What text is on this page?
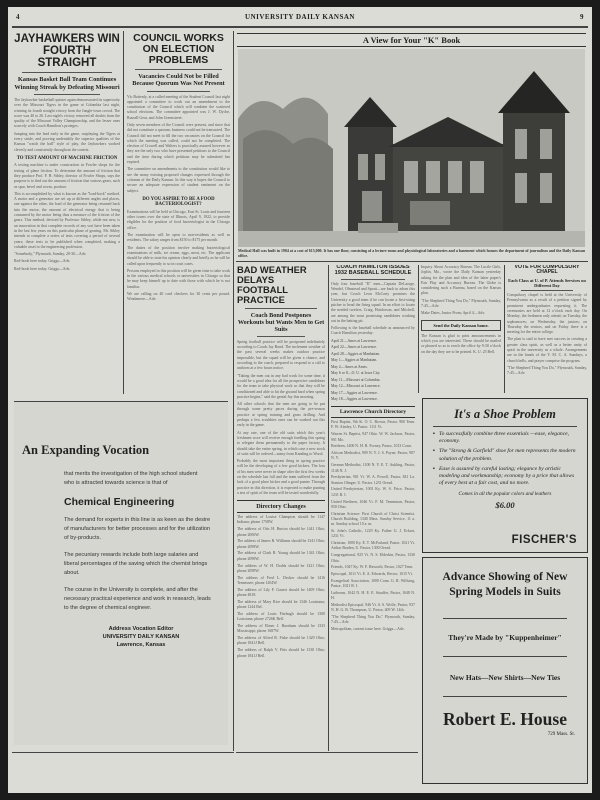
4	UNIVERSITY DAILY KANSAN	9
JAYHAWKERS WIN FOURTH STRAIGHT
Kansas Basket Ball Team Continues Winning Streak by Defeating Missouri
The Jayhawker basketball quintet again demonstrated its superiority over the Missouri Tigers in the game at Columbia last night, winning its fourth straight victory from the Jungle-town crowd. The score was 40 to 26. Last night's victory removed all doubts from the quality of the Missouri Valley Championship, and the lesser ones scarcely with Coach Hamilton's proteges.
Jumping into the lead early in the game, outplaying the Tigers at every stride, and proving undeniably the superior qualities of the Kansas "watch the ball" style of play, the Jayhawkers worked cleverly and consistently throughout the contest.
TO TEST AMOUNT OF MACHINE FRICTION
A testing machine is under construction in Fowler shops for the testing of plane friction. To determine the amount of friction that they produce Prof. F. H. Sibley, director of Fowler Shops, says the purpose is to find out the amount of friction that various gears, such as spur, bevel and worm, produce.
This is accomplished by what is known as the "load-back" method. A motor and a generator are set up at different angles and places, one against the other, the load of the generator being returned back into the motor, the amount of electrical energy that is being consumed by the motor being thus a measure of the friction of the gears. This method, devised by Professor Sibley, while not new, is an innovation in that complete records of any sort have been taken in the last few years on this particular phase of gearing. Mr. Sibley intends to complete a series of tests covering a period of several years; these tests to be published when completed, making a valuable asset to the engineering profession.
"Somebody," Plymouth, Sunday, 20-30—Adv.
Red-book here today. Griggs—Adv.
Red-book here today. Griggs—Adv.
COUNCIL WORKS ON ELECTION PROBLEMS
Vacancies Could Not be Filled Because Quorum Was Not Present
Vic Bottenly, at a called meeting of the Student Council last night appointed a committee to work out an amendment to the constitution of the Council which will combine the scattered school elections. The committee appointed was J. W. Dyche, Russell Gear, and John Greenstreet.
Only seven members of the Council were present, and since that did not constitute a quorum, business could not be transacted. The Council did not meet to fill the two vacancies on the Council for which the meeting was called, could not be completed. The election of Crowell and Walters is practically assured however as they are the only two who have presented petitions to the Council and the time during which petitions may be submitted has expired.
The committee on amendments to the constitution would like to see the many existing proposed changes expressed through the columns of the Daily Kansan. In this way it hopes the Council to secure an adequate expression of student sentiment on the subject.
DO YOU ASPIRE TO BE A FOOD BACTERIOLOGIST?
Examinations will be held at Chicago, East St. Louis and fourteen other towns over the state of Illinois, April 9, 1922, to provide eligibles for the position of food bacteriologist in the Chicago office.
The examination will be open to non-residents as well as residents. The salary ranges from $150 to $175 per month.
The duties of the position involve making bacteriological examinations of milk, ice cream, eggs, meat, etc. The applicant should be able to state his opinion clearly and briefly as he will be called upon frequently to so in court cases.
Persons employed in this position will be given time to take work in the various medical schools or universities in Chicago so that he may keep himself up to date with those with which he is not familiar.
We are calling on 40 card checkers for 30 cents per pound. Windamere—Adv.
A View for Your "K" Book
Medical Hall was built in 1904 at a cost of $15,000. It has one floor, consisting of a lecture room and physiological laboratories and a basement which houses the department of journalism and the Daily Kansan office.
BAD WEATHER DELAYS FOOTBALL PRACTICE
Coach Bond Postpones Workouts but Wants Men to Get Suits
Spring football practice will be postponed indefinitely according to Coach Jay Bond. The inclement weather of the past several weeks makes outdoor practice impossible, but the squad will be given a chance, and according to the coach, prepared to respond to a call to uniform at a few hours notice.
"Taking the men out in any bad work for some time, it would be a good idea for all the prospective candidates for the team to take physical work so that they will be conditioned and able to hit the ground hard when spring practice begins," said the genial Jay this morning.
All other schools that the men are going to be put through some pretty paces during the pre-season practice at spring training and grass drilling. And perhaps a few scrubbies ones can be washed out this early in the game.
At any rate, one of the old suits which this year's freshmen wore will receive enough fondling this spring to relegate them permanently to the paper factory. It should take the entire spring, in which case a new stock of suits will be ordered—many from Kanding to Wood.
Probably the most important thing in spring practice will be the developing of a few good kickers. The loss of his men were never in shape after the first few weeks on the schedule last fall and the team suffered from the lack of a good place kicker and a good punter. Through practice in this direction, it is expected to make punting a test of spirit of the team will be tested wonderfully.
Directory Changes
The address of Louise Champion should be 1147 Indiana; phone 1758W.
The address of Otis H. Burton should be 1441 Ohio; phone 2006W.
The address of James R. Williams should be 1341 Ohio; phone 2098W.
The address of Clark R. Young should be 1341 Ohio; phone 2098W.
The address of W. H. Dodds should be 1321 Ohio; phone 2098W.
The address of Fred L. Decker should be 1416 Tennessee; phone 1204W.
The address of Lily F. Gauert should be 1409 Ohio; phone 4818.
The address of Mary Rice should be 1346 Louisiana; phone 1244 Bel.
The address of Louis Fitzhugh should be 1300 Louisiana; phone 2726K Bell.
The address of Elmer J. Burnham should be 1333 Mississippi; phone 1687W.
The address of Alfred R. Fiske should be 1329 Ohio; phone 1841J Bell.
The address of Ralph V. Fitts should be 1330 Ohio; phone 1841J Bell.
COACH HAMILTON ISSUES 1932 BASEBALL SCHEDULE
Only four baseball "K" men—Captain DeLaorge, Wendel, Olmstead and Spratt—are back to adorn this year, but Coach Leon McCarty promises the University a good team if he can locate a first-string pitcher to head the firing squad. In an effort to locate the needed twirlers, Craig, Hutcheson, and Mitchell, are among the most promising candidates working out in the batting pit.
Following is the baseball schedule as announced by Coach Hamilton yesterday:
April 21—Ames at Lawrence.
April 22—Ames at Lawrence.
April 28—Aggies at Manhattan.
May 1—Aggies at Manhattan.
May 2—Ames at Ames.
May 6 or 8—O. U. at Iowa City.
May 11—Missouri at Columbia.
May 12—Missouri at Lawrence.
May 17—Aggies at Lawrence.
May 18—Aggies at Lawrence.
Lawrence Church Directory
First Baptist, 9th St. O. C. Brown, Pastor. 900 Tenn. F. W. Aimley, U. Pastor. 1111 Vt.
Warren St. Baptist, 947 Ohio. W. W. Jackson, Pastor, 901 Mo.
Brethren, 1400 N. H. R. Forney, Pastor, 1013 Conn.
African Methodist, 909 N. Y. J. S. Payne, Pastor, 907 N. Y.
German Methodist, 1100 N. Y. E. T. Aukling, Pastor, 1146 N. J.
Presbyterian, 901 Vt. W. A. Powell, Pastor, 841 La. Stanton Olinger, U. Pastor. 1231 Oread.
United Presbyterian, 1001 Ky. W. S. Price, Pastor, 1231 R. I.
United Brethren, 1046 Vt. F. M. Tenneman, Pastor, 950 Ohio.
Christian Science: First Church of Christ Scientist. Church Building, 1340 Mass. Sunday Service, 11 a. m. Sunday school 10 a. m.
St. John's Catholic, 1229 Ky. Father G. J. Eckart, 1231 Vt.
Christian, 1000 Ky. E. T. McFarland, Pastor, 1021 Vt. Arthur Braden, U. Pastor, 1300 Oread.
Congregational, 925 Vt. N. S. Elderkin, Pastor, 1330 Ohio.
Friends, 1047 Ky. W. F. Haworth, Pastor, 1027 Tenn.
Episcopal, 1011 Vt. E. A. Edwards, Rector, 1015 Vt.
Evangelical Association, 1000 Conn. G. R. Willsing, Pastor, 1021 R. I.
Lutheran, 1042 N. H. E. E. Stauffer, Pastor, 1048 N. H.
Methodist Episcopal, 946 Vt. S. S. Wolfe, Pastor, 937 N. H. G. B. Thompson, U. Pastor, 409 W. 14th.
"The Shepherd Thing You Do," Plymouth, Sunday, 7:45—Adv.
Metropolitan, current issue here. Griggs—Adv.
Inquiry About Accuracy Bureau. The Lucile Girls, Joplin, Mo., wrote the Daily Kansan yesterday asking for the plan and idea of the latter paper's Fair Play and Accuracy Bureau. The Globe is considering such a Bureau, based on the Kansas plan.
"The Shepherd Thing You Do," Plymouth, Sunday, 7:45—Adv.
Make Dates, Junior Prom; April 4—Adv.
Send the Daily Kansan home.
The Kansan is glad to print announcements in which you are interested. These should be mailed or phoned so as to reach the office by 9:30 o'clock on the day they are to be printed. K. U. 25 Bell.
VOTE FOR COMPULSORY CHAPEL
Each Class at U. of P. Attends Services on Different Day
Compulsory chapel is held at the University of Pennsylvania as a result of a petition signed by prominent undergraduates requesting it. The ceremonies are held at 12 o'clock each day. On Monday, the freshmen only attend; on Tuesday, the sophomores; on Wednesday, the juniors; on Thursday the seniors, and on Friday there is a meeting for the entire college.
The plan is said to have met success in creating a greater class spirit, as well as a better unity of spirit in the university as a whole. Arrangements are in the hands of the Y. M. C. A. Sundays, a church bells, and prayer comprise the program.
"The Shepherd Thing You Do," Plymouth, Sunday, 7:45—Adv.
It's a Shoe Problem
▪ To successfully combine three essentials —ease, elegance, economy.
▪ The "Strong & Garfield" shoe for men represents the modern solution of the problem.
▪ Ease is assured by careful lasting; elegance by artistic modeling and workmanship; economy by a price that allows of every best at a fair cost, and no more.
Comes in all the popular colors and leathers
$6.00
FISCHER'S
Advance Showing of New
Spring Models in Suits
They're Made by "Kuppenheimer"
New Hats—New Shirts—New Ties
Robert E. House
729 Mass. St.
An Expanding Vocation
that merits the investigation of the high school student who is attracted towards science is that of
Chemical Engineering
The demand for experts in this line is as keen as the desire of manufacturers for better processes and for the utilization of by-products.
The pecuniary rewards include both large salaries and liberal percentages of the saving which the chemist brings about.
The course in the University is complete, and after the necessary practical experience and work in research, leads to the degree of chemical engineer.
Address Vocation Editor
UNIVERSITY DAILY KANSAN
Lawrence, Kansas
